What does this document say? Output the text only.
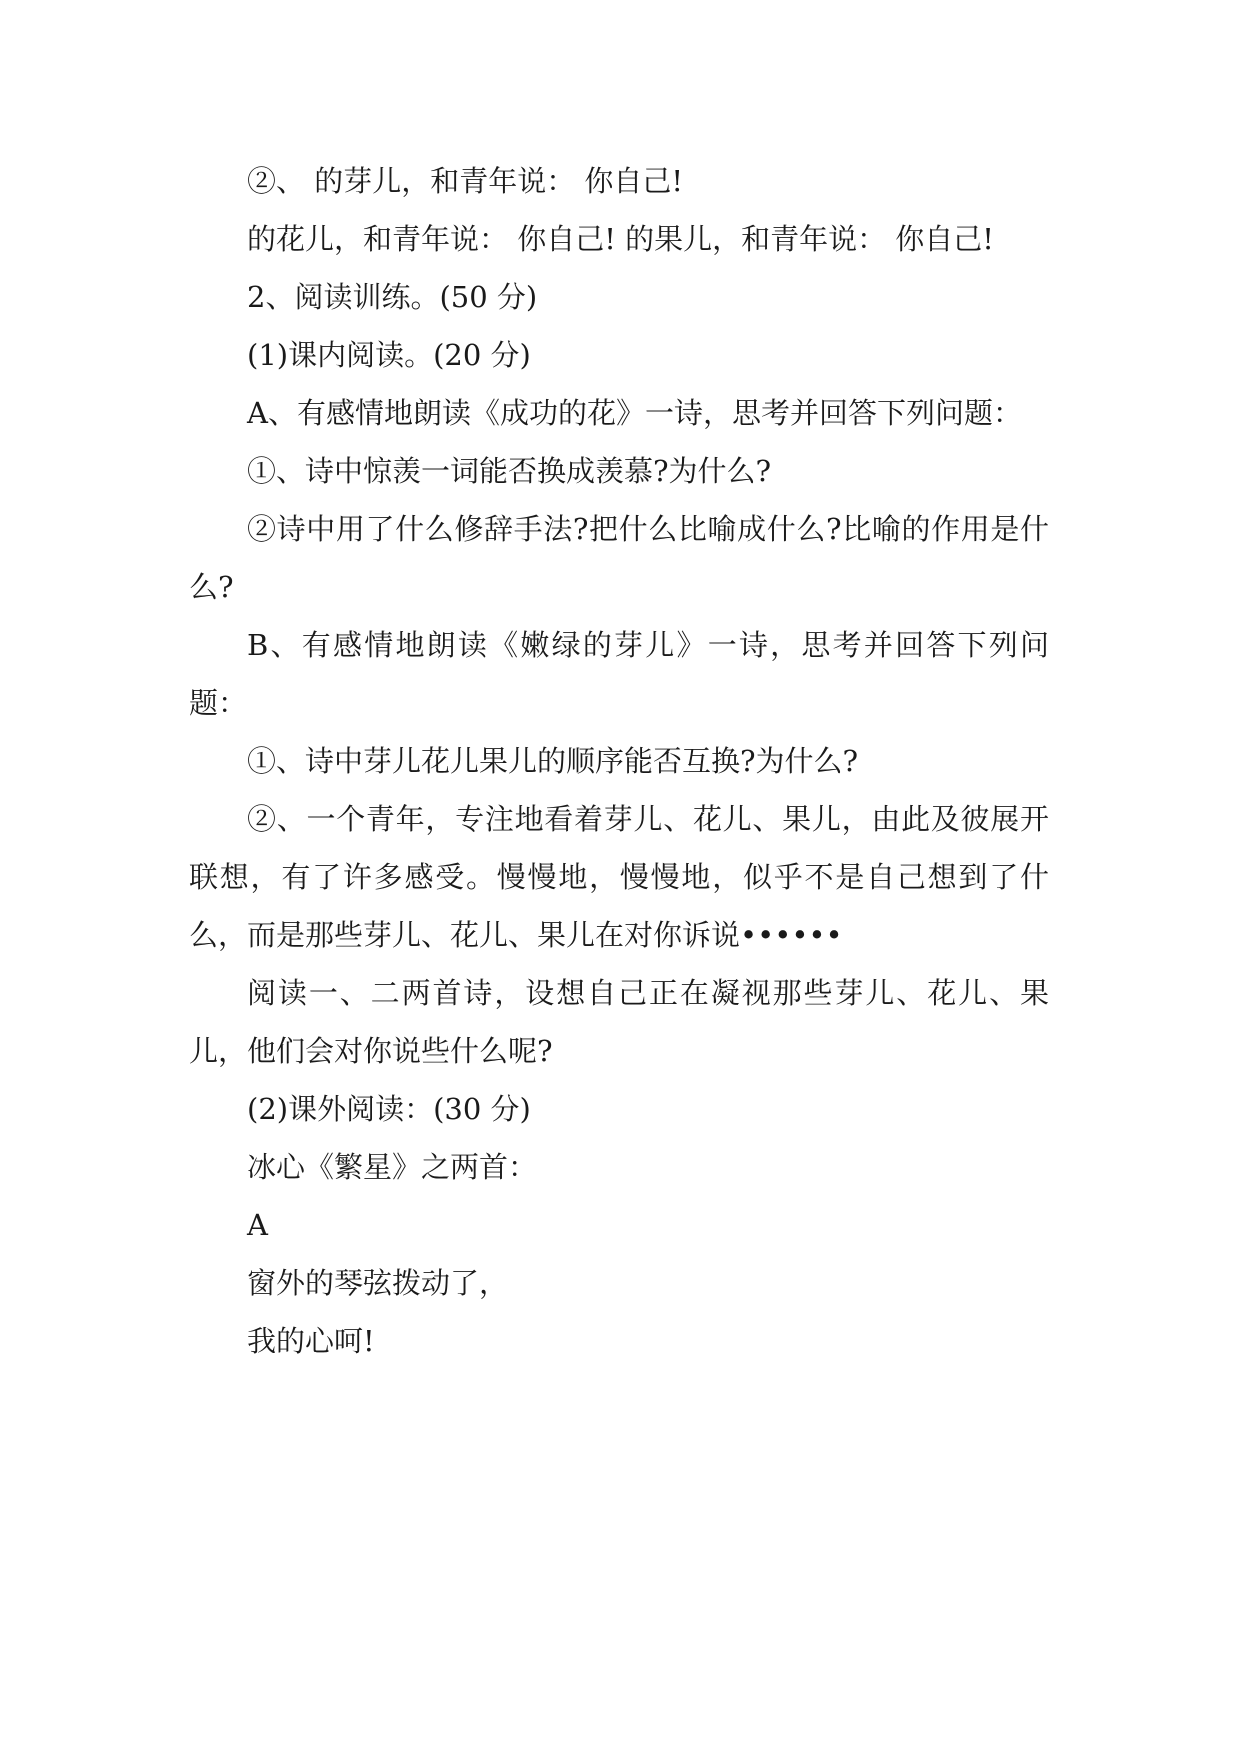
②、 的芽儿，和青年说： 你自己!

的花儿，和青年说： 你自己! 的果儿，和青年说： 你自己!

2、阅读训练。(50 分)

(1)课内阅读。(20 分)

A、有感情地朗读《成功的花》一诗，思考并回答下列问题：

①、诗中惊羡一词能否换成羡慕?为什么?

②诗中用了什么修辞手法?把什么比喻成什么?比喻的作用是什么?

B、有感情地朗读《嫩绿的芽儿》一诗，思考并回答下列问题：

①、诗中芽儿花儿果儿的顺序能否互换?为什么?

②、一个青年，专注地看着芽儿、花儿、果儿，由此及彼展开联想，有了许多感受。慢慢地，慢慢地，似乎不是自己想到了什么，而是那些芽儿、花儿、果儿在对你诉说••••••

阅读一、二两首诗，设想自己正在凝视那些芽儿、花儿、果儿，他们会对你说些什么呢?

(2)课外阅读：(30 分)

冰心《繁星》之两首：

A

窗外的琴弦拨动了，

我的心呵!
